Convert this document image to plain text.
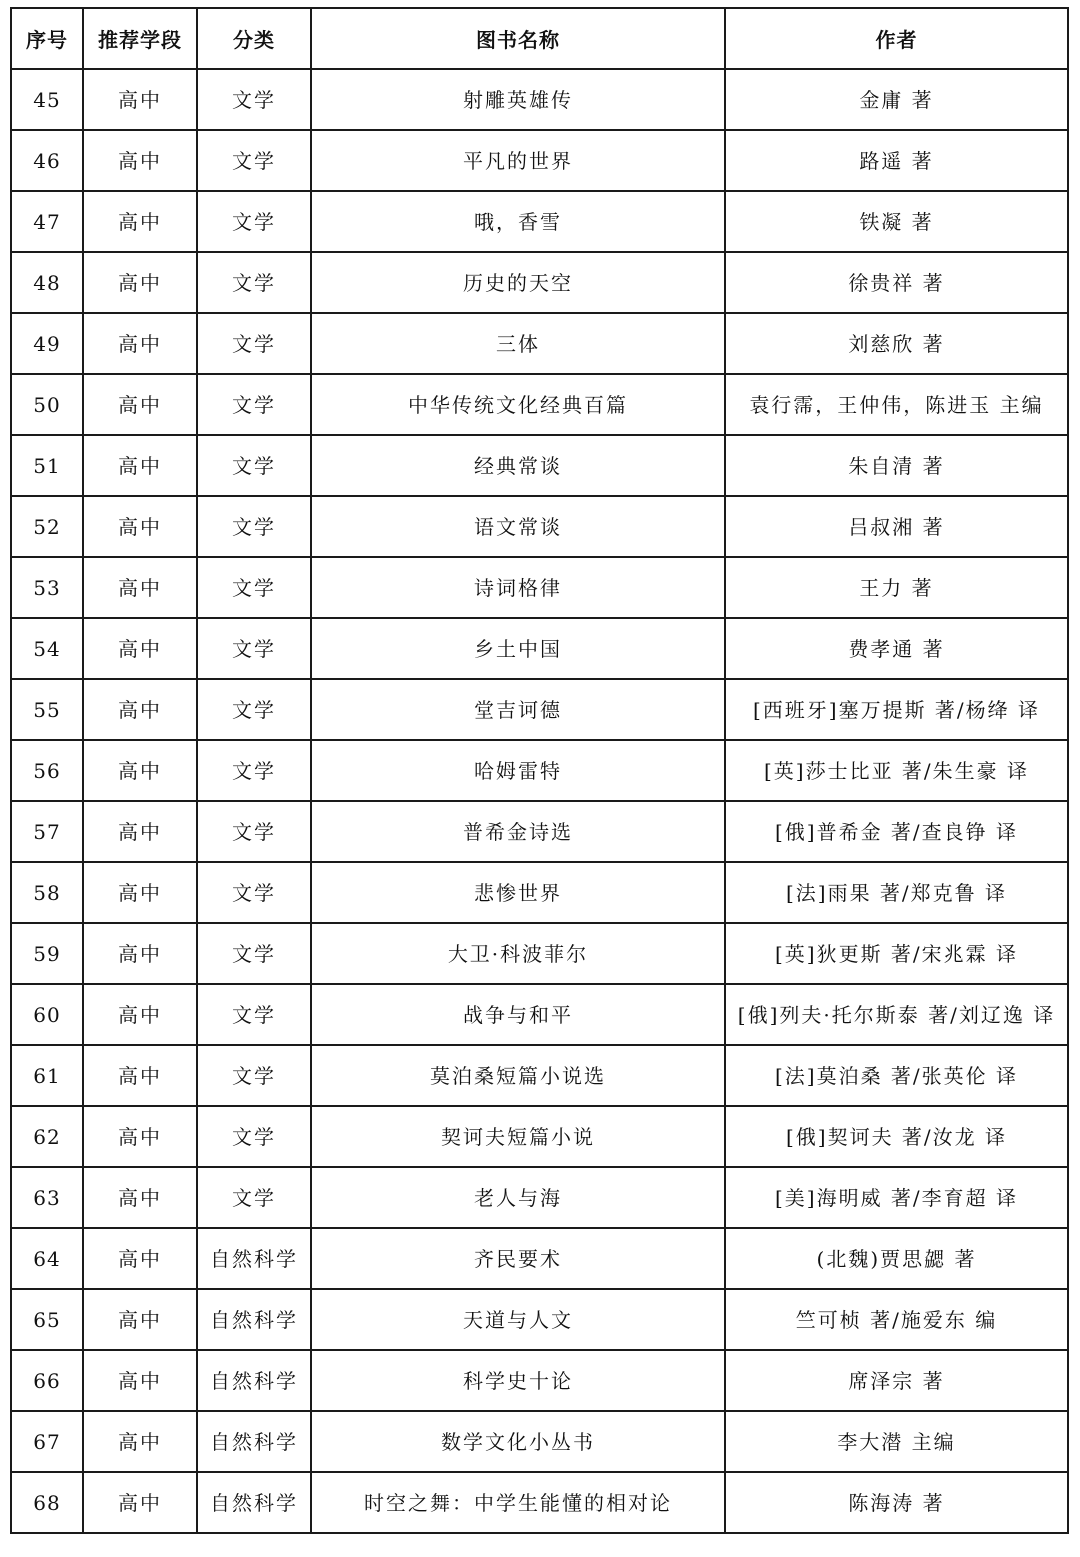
序号	推荐学段	分类	图书名称	作者
45	高中	文学	射雕英雄传	金庸 著
46	高中	文学	平凡的世界	路遥 著
47	高中	文学	哦，香雪	铁凝 著
48	高中	文学	历史的天空	徐贵祥 著
49	高中	文学	三体	刘慈欣 著
50	高中	文学	中华传统文化经典百篇	袁行霈，王仲伟，陈进玉 主编
51	高中	文学	经典常谈	朱自清 著
52	高中	文学	语文常谈	吕叔湘 著
53	高中	文学	诗词格律	王力 著
54	高中	文学	乡土中国	费孝通 著
55	高中	文学	堂吉诃德	[西班牙]塞万提斯 著/杨绛 译
56	高中	文学	哈姆雷特	[英]莎士比亚 著/朱生豪 译
57	高中	文学	普希金诗选	[俄]普希金 著/查良铮 译
58	高中	文学	悲惨世界	[法]雨果 著/郑克鲁 译
59	高中	文学	大卫·科波菲尔	[英]狄更斯 著/宋兆霖 译
60	高中	文学	战争与和平	[俄]列夫·托尔斯泰 著/刘辽逸 译
61	高中	文学	莫泊桑短篇小说选	[法]莫泊桑 著/张英伦 译
62	高中	文学	契诃夫短篇小说	[俄]契诃夫 著/汝龙 译
63	高中	文学	老人与海	[美]海明威 著/李育超 译
64	高中	自然科学	齐民要术	(北魏)贾思勰 著
65	高中	自然科学	天道与人文	竺可桢 著/施爱东 编
66	高中	自然科学	科学史十论	席泽宗 著
67	高中	自然科学	数学文化小丛书	李大潜 主编
68	高中	自然科学	时空之舞：中学生能懂的相对论	陈海涛 著
